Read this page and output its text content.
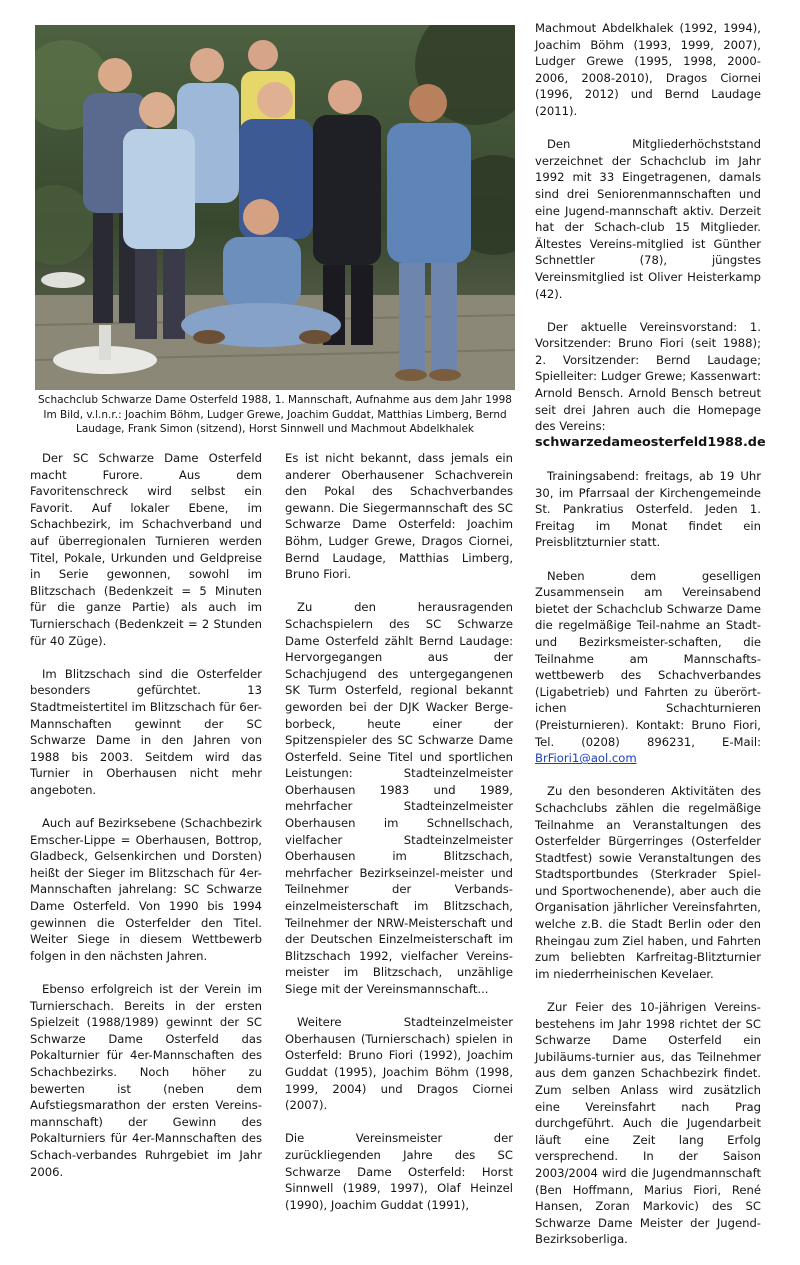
Schachclub Schwarze Dame Osterfeld 1988, 1. Mannschaft, Aufnahme aus dem Jahr 1998
Im Bild, v.l.n.r.: Joachim Böhm, Ludger Grewe, Joachim Guddat, Matthias Limberg, Bernd
Laudage, Frank Simon (sitzend), Horst Sinnwell und Machmout Abdelkhalek

Der SC Schwarze Dame Osterfeld macht Furore. Aus dem Favoritenschreck wird selbst ein Favorit. Auf lokaler Ebene, im Schachbezirk, im Schachverband und auf überregionalen Turnieren werden Titel, Pokale, Urkunden und Geldpreise in Serie gewonnen, sowohl im Blitzschach (Bedenkzeit = 5 Minuten für die ganze Partie) als auch im Turnierschach (Bedenkzeit = 2 Stunden für 40 Züge).

Im Blitzschach sind die Osterfelder besonders gefürchtet. 13 Stadtmeistertitel im Blitzschach für 6er-Mannschaften gewinnt der SC Schwarze Dame in den Jahren von 1988 bis 2003. Seitdem wird das Turnier in Oberhausen nicht mehr angeboten.

Auch auf Bezirksebene (Schachbezirk Emscher-Lippe = Oberhausen, Bottrop, Gladbeck, Gelsenkirchen und Dorsten) heißt der Sieger im Blitzschach für 4er-Mannschaften jahrelang: SC Schwarze Dame Osterfeld. Von 1990 bis 1994 gewinnen die Osterfelder den Titel. Weiter Siege in diesem Wettbewerb folgen in den nächsten Jahren.

Ebenso erfolgreich ist der Verein im Turnierschach. Bereits in der ersten Spielzeit (1988/1989) gewinnt der SC Schwarze Dame Osterfeld das Pokalturnier für 4er-Mannschaften des Schachbezirks. Noch höher zu bewerten ist (neben dem Aufstiegsmarathon der ersten Vereins-mannschaft) der Gewinn des Pokalturniers für 4er-Mannschaften des Schach-verbandes Ruhrgebiet im Jahr 2006.

Es ist nicht bekannt, dass jemals ein anderer Oberhausener Schachverein den Pokal des Schachverbandes gewann. Die Siegermannschaft des SC Schwarze Dame Osterfeld: Joachim Böhm, Ludger Grewe, Dragos Ciornei, Bernd Laudage, Matthias Limberg, Bruno Fiori.

Zu den herausragenden Schachspielern des SC Schwarze Dame Osterfeld zählt Bernd Laudage: Hervorgegangen aus der Schachjugend des untergegangenen SK Turm Osterfeld, regional bekannt geworden bei der DJK Wacker Berge-borbeck, heute einer der Spitzenspieler des SC Schwarze Dame Osterfeld. Seine Titel und sportlichen Leistungen: Stadteinzelmeister Oberhausen 1983 und 1989, mehrfacher Stadteinzelmeister Oberhausen im Schnellschach, vielfacher Stadteinzelmeister Oberhausen im Blitzschach, mehrfacher Bezirkseinzel-meister und Teilnehmer der Verbands-einzelmeisterschaft im Blitzschach, Teilnehmer der NRW-Meisterschaft und der Deutschen Einzelmeisterschaft im Blitzschach 1992, vielfacher Vereins-meister im Blitzschach, unzählige Siege mit der Vereinsmannschaft...

Weitere Stadteinzelmeister Oberhausen (Turnierschach) spielen in Osterfeld: Bruno Fiori (1992), Joachim Guddat (1995), Joachim Böhm (1998, 1999, 2004) und Dragos Ciornei (2007).

Die Vereinsmeister der zurückliegenden Jahre des SC Schwarze Dame Osterfeld: Horst Sinnwell (1989, 1997), Olaf Heinzel (1990), Joachim Guddat (1991),

Machmout Abdelkhalek (1992, 1994), Joachim Böhm (1993, 1999, 2007), Ludger Grewe (1995, 1998, 2000-2006, 2008-2010), Dragos Ciornei (1996, 2012) und Bernd Laudage (2011).

Den Mitgliederhöchststand verzeichnet der Schachclub im Jahr 1992 mit 33 Eingetragenen, damals sind drei Seniorenmannschaften und eine Jugend-mannschaft aktiv. Derzeit hat der Schach-club 15 Mitglieder. Ältestes Vereins-mitglied ist Günther Schnettler (78), jüngstes Vereinsmitglied ist Oliver Heisterkamp (42).

Der aktuelle Vereinsvorstand: 1. Vorsitzender: Bruno Fiori (seit 1988); 2. Vorsitzender: Bernd Laudage; Spielleiter: Ludger Grewe; Kassenwart: Arnold Bensch. Arnold Bensch betreut seit drei Jahren auch die Homepage des Vereins:
schwarzedameosterfeld1988.de

Trainingsabend: freitags, ab 19 Uhr 30, im Pfarrsaal der Kirchengemeinde St. Pankratius Osterfeld. Jeden 1. Freitag im Monat findet ein Preisblitzturnier statt.

Neben dem geselligen Zusammensein am Vereinsabend bietet der Schachclub Schwarze Dame die regelmäßige Teil-nahme an Stadt- und Bezirksmeister-schaften, die Teilnahme am Mannschafts-wettbewerb des Schachverbandes (Ligabetrieb) und Fahrten zu überört-ichen Schachturnieren (Preisturnieren). Kontakt: Bruno Fiori, Tel. (0208) 896231, E-Mail: BrFiori1@aol.com

Zu den besonderen Aktivitäten des Schachclubs zählen die regelmäßige Teilnahme an Veranstaltungen des Osterfelder Bürgerringes (Osterfelder Stadtfest) sowie Veranstaltungen des Stadtsportbundes (Sterkrader Spiel- und Sportwochenende), aber auch die Organisation jährlicher Vereinsfahrten, welche z.B. die Stadt Berlin oder den Rheingau zum Ziel haben, und Fahrten zum beliebten Karfreitag-Blitzturnier im niederrheinischen Kevelaer.

Zur Feier des 10-jährigen Vereins-bestehens im Jahr 1998 richtet der SC Schwarze Dame Osterfeld ein Jubiläums-turnier aus, das Teilnehmer aus dem ganzen Schachbezirk findet. Zum selben Anlass wird zusätzlich eine Vereinsfahrt nach Prag durchgeführt. Auch die Jugendarbeit läuft eine Zeit lang Erfolg versprechend. In der Saison 2003/2004 wird die Jugendmannschaft (Ben Hoffmann, Marius Fiori, René Hansen, Zoran Markovic) des SC Schwarze Dame Meister der Jugend-Bezirksoberliga.
